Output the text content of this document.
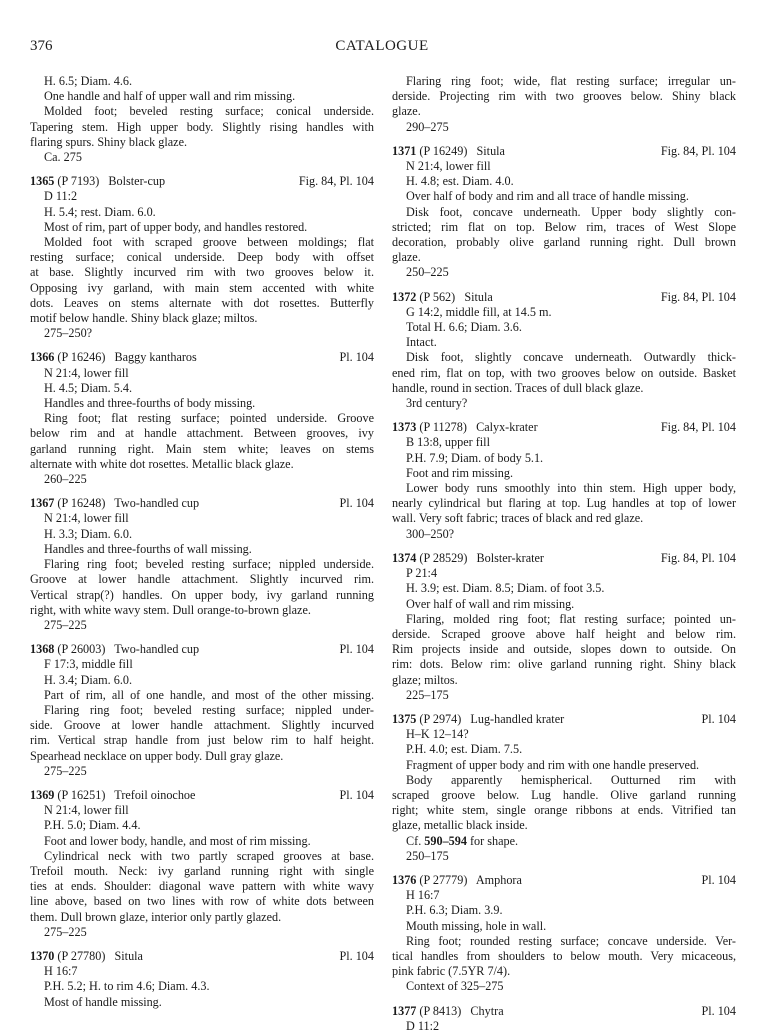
376	CATALOGUE
H. 6.5; Diam. 4.6.
One handle and half of upper wall and rim missing.
Molded foot; beveled resting surface; conical underside.
Tapering stem. High upper body. Slightly rising handles with
flaring spurs. Shiny black glaze.
Ca. 275
1365 (P 7193)   Bolster-cup	Fig. 84, Pl. 104
D 11:2
H. 5.4; rest. Diam. 6.0.
Most of rim, part of upper body, and handles restored.
Molded foot with scraped groove between moldings; flat
resting surface; conical underside. Deep body with offset
at base. Slightly incurved rim with two grooves below it.
Opposing ivy garland, with main stem accented with white
dots. Leaves on stems alternate with dot rosettes. Butterfly
motif below handle. Shiny black glaze; miltos.
275–250?
1366 (P 16246)   Baggy kantharos	Pl. 104
N 21:4, lower fill
H. 4.5; Diam. 5.4.
Handles and three-fourths of body missing.
Ring foot; flat resting surface; pointed underside. Groove
below rim and at handle attachment. Between grooves, ivy
garland running right. Main stem white; leaves on stems
alternate with white dot rosettes. Metallic black glaze.
260–225
1367 (P 16248)   Two-handled cup	Pl. 104
N 21:4, lower fill
H. 3.3; Diam. 6.0.
Handles and three-fourths of wall missing.
Flaring ring foot; beveled resting surface; nippled underside.
Groove at lower handle attachment. Slightly incurved rim.
Vertical strap(?) handles. On upper body, ivy garland running
right, with white wavy stem. Dull orange-to-brown glaze.
275–225
1368 (P 26003)   Two-handled cup	Pl. 104
F 17:3, middle fill
H. 3.4; Diam. 6.0.
Part of rim, all of one handle, and most of the other missing.
Flaring ring foot; beveled resting surface; nippled under-
side. Groove at lower handle attachment. Slightly incurved
rim. Vertical strap handle from just below rim to half height.
Spearhead necklace on upper body. Dull gray glaze.
275–225
1369 (P 16251)   Trefoil oinochoe	Pl. 104
N 21:4, lower fill
P.H. 5.0; Diam. 4.4.
Foot and lower body, handle, and most of rim missing.
Cylindrical neck with two partly scraped grooves at base.
Trefoil mouth. Neck: ivy garland running right with single
ties at ends. Shoulder: diagonal wave pattern with white wavy
line above, based on two lines with row of white dots between
them. Dull brown glaze, interior only partly glazed.
275–225
1370 (P 27780)   Situla	Pl. 104
H 16:7
P.H. 5.2; H. to rim 4.6; Diam. 4.3.
Most of handle missing.
Flaring ring foot; wide, flat resting surface; irregular un-
derside. Projecting rim with two grooves below. Shiny black
glaze.
290–275
1371 (P 16249)   Situla	Fig. 84, Pl. 104
N 21:4, lower fill
H. 4.8; est. Diam. 4.0.
Over half of body and rim and all trace of handle missing.
Disk foot, concave underneath. Upper body slightly con-
stricted; rim flat on top. Below rim, traces of West Slope
decoration, probably olive garland running right. Dull brown
glaze.
250–225
1372 (P 562)   Situla	Fig. 84, Pl. 104
G 14:2, middle fill, at 14.5 m.
Total H. 6.6; Diam. 3.6.
Intact.
Disk foot, slightly concave underneath. Outwardly thick-
ened rim, flat on top, with two grooves below on outside. Basket
handle, round in section. Traces of dull black glaze.
3rd century?
1373 (P 11278)   Calyx-krater	Fig. 84, Pl. 104
B 13:8, upper fill
P.H. 7.9; Diam. of body 5.1.
Foot and rim missing.
Lower body runs smoothly into thin stem. High upper body,
nearly cylindrical but flaring at top. Lug handles at top of lower
wall. Very soft fabric; traces of black and red glaze.
300–250?
1374 (P 28529)   Bolster-krater	Fig. 84, Pl. 104
P 21:4
H. 3.9; est. Diam. 8.5; Diam. of foot 3.5.
Over half of wall and rim missing.
Flaring, molded ring foot; flat resting surface; pointed un-
derside. Scraped groove above half height and below rim.
Rim projects inside and outside, slopes down to outside. On
rim: dots. Below rim: olive garland running right. Shiny black
glaze; miltos.
225–175
1375 (P 2974)   Lug-handled krater	Pl. 104
H–K 12–14?
P.H. 4.0; est. Diam. 7.5.
Fragment of upper body and rim with one handle preserved.
Body apparently hemispherical. Outturned rim with
scraped groove below. Lug handle. Olive garland running
right; white stem, single orange ribbons at ends. Vitrified tan
glaze, metallic black inside.
Cf. 590–594 for shape.
250–175
1376 (P 27779)   Amphora	Pl. 104
H 16:7
P.H. 6.3; Diam. 3.9.
Mouth missing, hole in wall.
Ring foot; rounded resting surface; concave underside. Ver-
tical handles from shoulders to below mouth. Very micaceous,
pink fabric (7.5YR 7/4).
Context of 325–275
1377 (P 8413)   Chytra	Pl. 104
D 11:2
